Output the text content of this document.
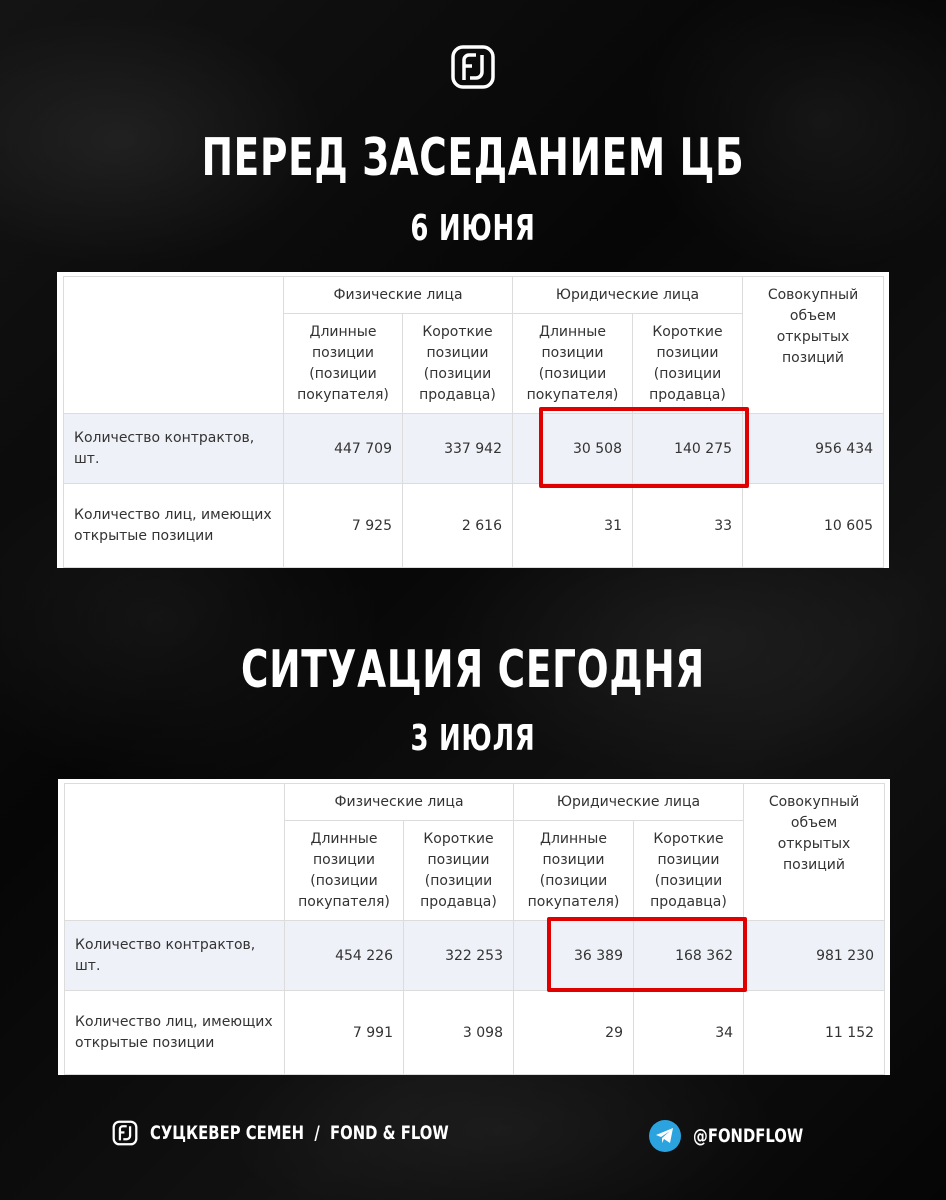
ПЕРЕД ЗАСЕДАНИЕМ ЦБ
6 ИЮНЯ
	Физические лица		Юридические лица		Совокупный объем открытых позиций
	Длинные позиции (позиции покупателя)	Короткие позиции (позиции продавца)	Длинные позиции (позиции покупателя)	Короткие позиции (позиции продавца)	
Количество контрактов, шт.	447 709	337 942	30 508	140 275	956 434
Количество лиц, имеющих открытые позиции	7 925	2 616	31	33	10 605
СИТУАЦИЯ СЕГОДНЯ
3 ИЮЛЯ
	Физические лица		Юридические лица		Совокупный объем открытых позиций
	Длинные позиции (позиции покупателя)	Короткие позиции (позиции продавца)	Длинные позиции (позиции покупателя)	Короткие позиции (позиции продавца)	
Количество контрактов, шт.	454 226	322 253	36 389	168 362	981 230
Количество лиц, имеющих открытые позиции	7 991	3 098	29	34	11 152
СУЦКЕВЕР СЕМЕН  /  FOND & FLOW	@FONDFLOW
